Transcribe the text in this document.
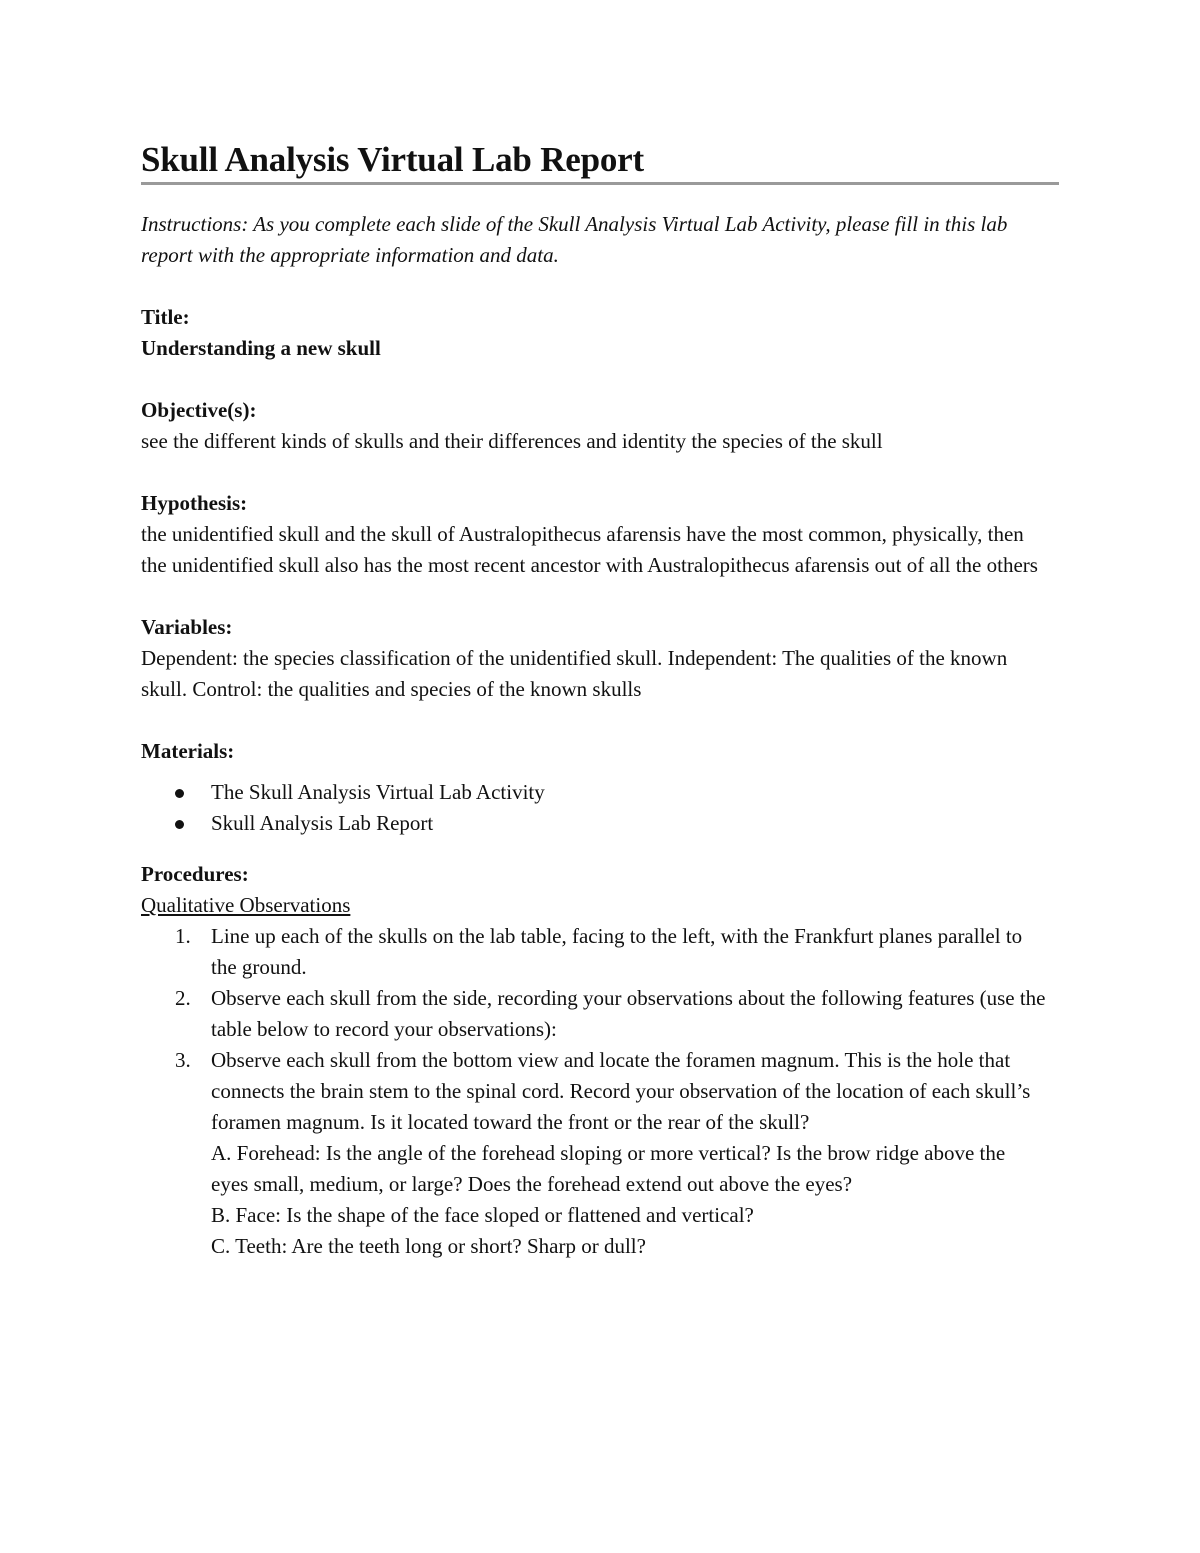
Skull Analysis Virtual Lab Report

Instructions: As you complete each slide of the Skull Analysis Virtual Lab Activity, please fill in this lab report with the appropriate information and data.

Title:

Understanding a new skull

Objective(s):

see the different kinds of skulls and their differences and identity the species of the skull

Hypothesis:

the unidentified skull and the skull of Australopithecus afarensis have the most common, physically, then the unidentified skull also has the most recent ancestor with Australopithecus afarensis out of all the others

Variables:

Dependent: the species classification of the unidentified skull. Independent: The qualities of the known skull. Control: the qualities and species of the known skulls

Materials:

The Skull Analysis Virtual Lab Activity
Skull Analysis Lab Report

Procedures:

Qualitative Observations

1. Line up each of the skulls on the lab table, facing to the left, with the Frankfurt planes parallel to the ground.
2. Observe each skull from the side, recording your observations about the following features (use the table below to record your observations):
3. Observe each skull from the bottom view and locate the foramen magnum. This is the hole that connects the brain stem to the spinal cord. Record your observation of the location of each skull’s foramen magnum. Is it located toward the front or the rear of the skull?
A. Forehead: Is the angle of the forehead sloping or more vertical? Is the brow ridge above the eyes small, medium, or large? Does the forehead extend out above the eyes?
B. Face: Is the shape of the face sloped or flattened and vertical?
C. Teeth: Are the teeth long or short? Sharp or dull?
